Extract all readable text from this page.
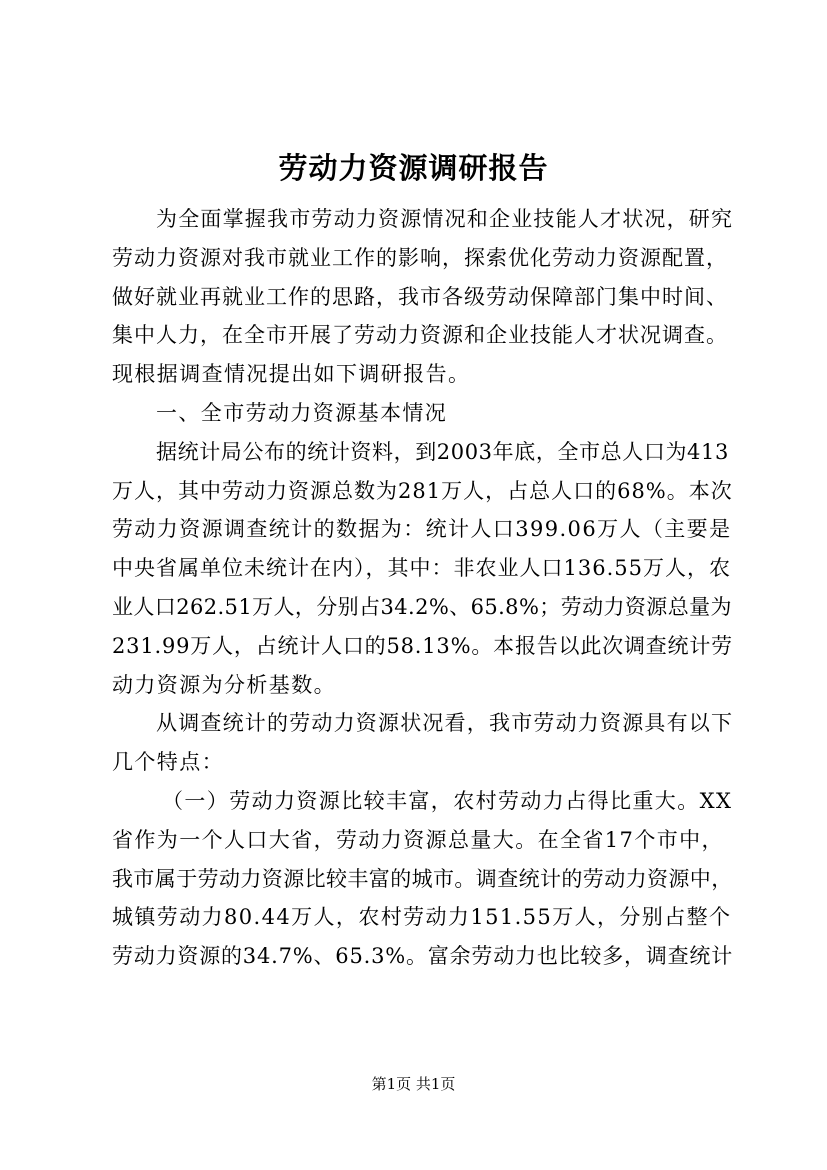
劳动力资源调研报告
为全面掌握我市劳动力资源情况和企业技能人才状况，研究
劳动力资源对我市就业工作的影响，探索优化劳动力资源配置，
做好就业再就业工作的思路，我市各级劳动保障部门集中时间、
集中人力，在全市开展了劳动力资源和企业技能人才状况调查。
现根据调查情况提出如下调研报告。
一、全市劳动力资源基本情况
据统计局公布的统计资料，到2003年底，全市总人口为413
万人，其中劳动力资源总数为281万人，占总人口的68%。本次
劳动力资源调查统计的数据为：统计人口399.06万人（主要是
中央省属单位未统计在内），其中：非农业人口136.55万人，农
业人口262.51万人，分别占34.2%、65.8%；劳动力资源总量为
231.99万人，占统计人口的58.13%。本报告以此次调查统计劳
动力资源为分析基数。
从调查统计的劳动力资源状况看，我市劳动力资源具有以下
几个特点：
（一）劳动力资源比较丰富，农村劳动力占得比重大。XX
省作为一个人口大省，劳动力资源总量大。在全省17个市中，
我市属于劳动力资源比较丰富的城市。调查统计的劳动力资源中，
城镇劳动力80.44万人，农村劳动力151.55万人，分别占整个
劳动力资源的34.7%、65.3%。富余劳动力也比较多，调查统计
第1页 共1页
